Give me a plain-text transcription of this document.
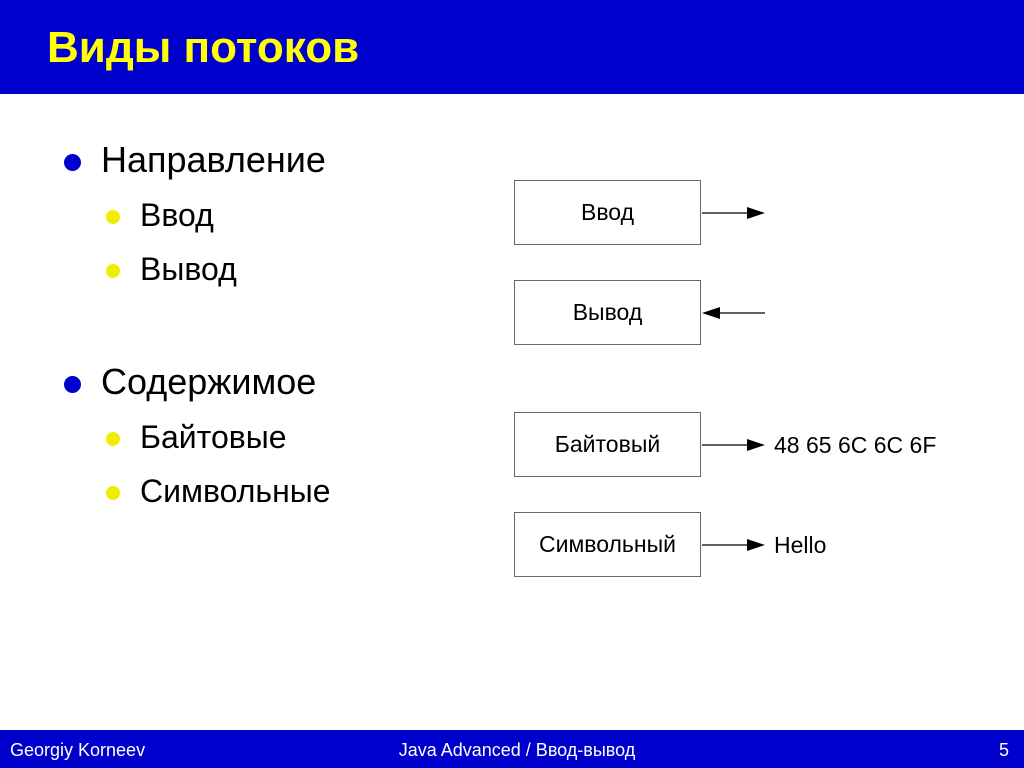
Виды потоков
Направление
Ввод
Вывод
Содержимое
Байтовые
Символьные
Ввод
Вывод
Байтовый
Символьный
48 65 6C 6C 6F
Hello
Georgiy Korneev	Java Advanced / Ввод-вывод	5
